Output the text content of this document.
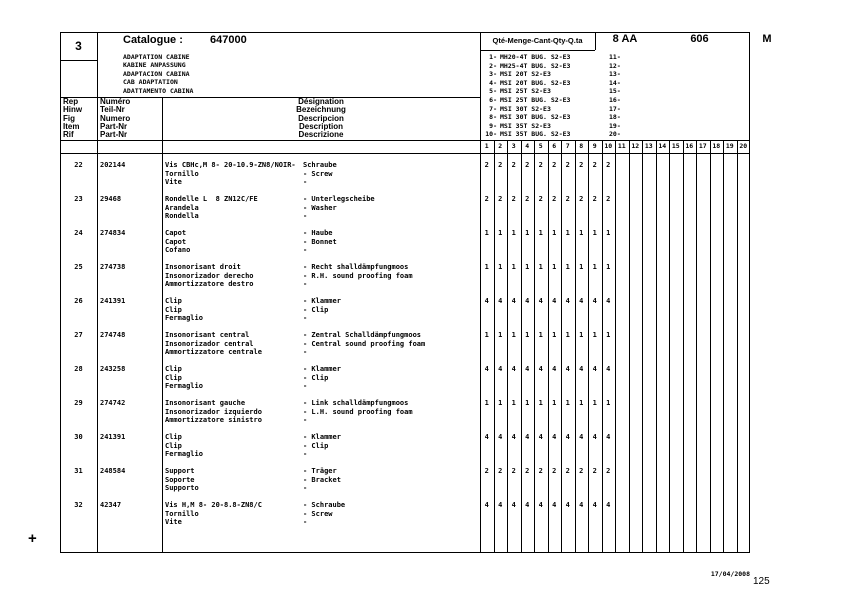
3	Catalogue : 647000
ADAPTATION CABINE
KABINE ANPASSUNG
ADAPTACION CABINA
CAB ADAPTATION
ADATTAMENTO CABINA
Qté-Menge-Cant-Qty-Q.ta	8 AA	606	M
1- MH20-4T BUG. S2-E3	11-
2- MH25-4T BUG. S2-E3	12-
3- MSI 20T S2-E3	13-
4- MSI 20T BUG. S2-E3	14-
5- MSI 25T S2-E3	15-
6- MSI 25T BUG. S2-E3	16-
7- MSI 30T S2-E3	17-
8- MSI 30T BUG. S2-E3	18-
9- MSI 35T S2-E3	19-
10- MSI 35T BUG. S2-E3	20-
Rep
Hinw
Fig
Item
Rif
Numéro
Teil-Nr
Numero
Part-Nr
Part-Nr
Désignation
Bezeichnung
Descripcion
Description
Descrizione
1	2	3	4	5	6	7	8	9	10 11 12 13 14 15 16 17 18 19 20
22	202144	Vis CBHc,M 8- 20-10.9-ZN8/NOIR-	Schraube
Tornillo	- Screw
Vite	-
2	2	2	2	2	2	2	2	2	2
23	29468	Rondelle L  8 ZN12C/FE	- Unterlegscheibe
Arandela	- Washer
Rondella	-
2	2	2	2	2	2	2	2	2	2
24	274834	Capot	- Haube
Capot	- Bonnet
Cofano	-
1	1	1	1	1	1	1	1	1	1
25	274738	Insonorisant droit	- Recht shalldämpfungmoos
Insonorizador derecho	- R.H. sound proofing foam
Ammortizzatore destro	-
1	1	1	1	1	1	1	1	1	1
26	241391	Clip	- Klammer
Clip	- Clip
Fermaglio	-
4	4	4	4	4	4	4	4	4	4
27	274748	Insonorisant central	- Zentral Schalldämpfungmoos
Insonorizador central	- Central sound proofing foam
Ammortizzatore centrale	-
1	1	1	1	1	1	1	1	1	1
28	243258	Clip	- Klammer
Clip	- Clip
Fermaglio	-
4	4	4	4	4	4	4	4	4	4
29	274742	Insonorisant gauche	- Link schalldämpfungmoos
Insonorizador izquierdo	- L.H. sound proofing foam
Ammortizzatore sinistro	-
1	1	1	1	1	1	1	1	1	1
30	241391	Clip	- Klammer
Clip	- Clip
Fermaglio	-
4	4	4	4	4	4	4	4	4	4
31	248584	Support	- Träger
Soporte	- Bracket
Supporto	-
2	2	2	2	2	2	2	2	2	2
32	42347	Vis H,M 8- 20-8.8-ZN8/C	- Schraube
Tornillo	- Screw
Vite	-
4	4	4	4	4	4	4	4	4	4
17/04/2008
125
+
